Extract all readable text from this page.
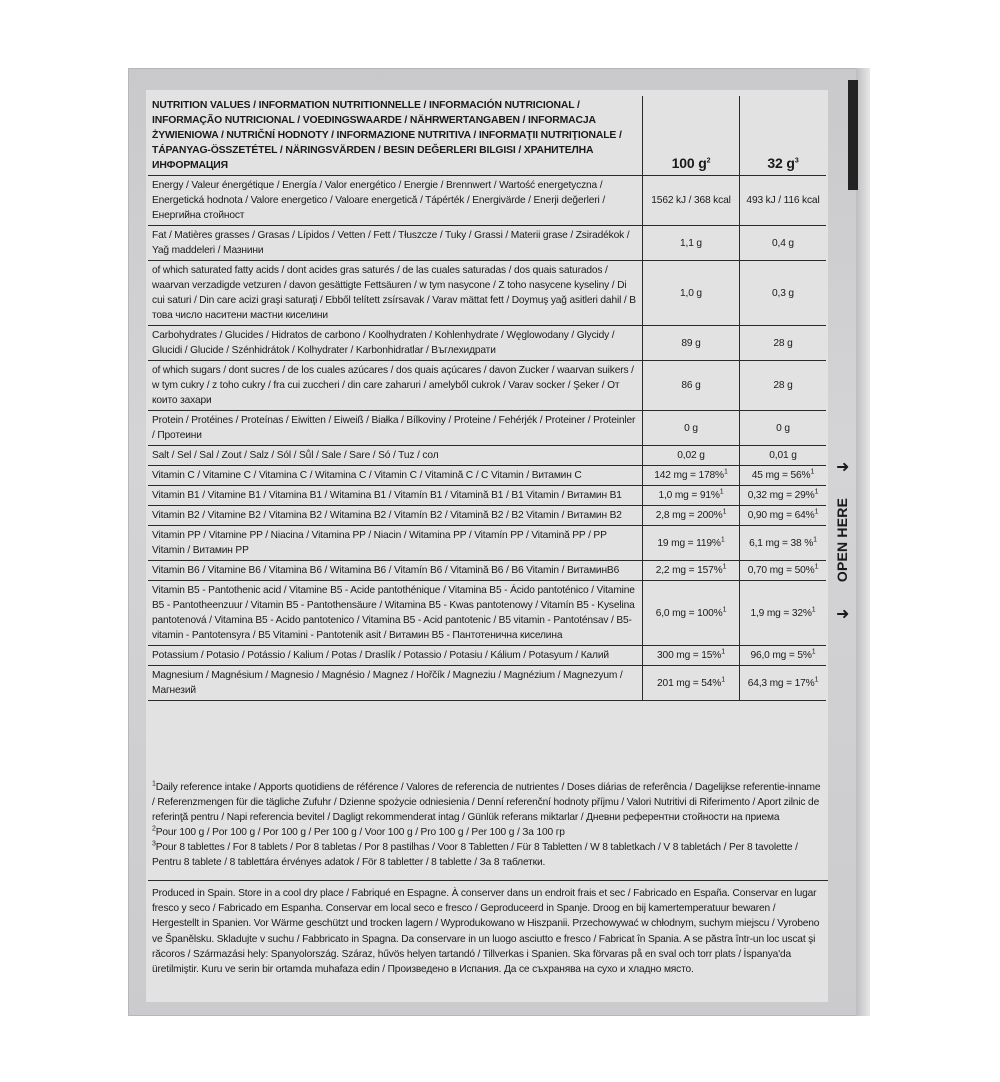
NUTRITION VALUES / INFORMATION NUTRITIONNELLE / INFORMACIÓN NUTRICIONAL / INFORMAÇÃO NUTRICIONAL / VOEDINGSWAARDE / NÄHRWERTANGABEN / INFORMACJA ŻYWIENIOWA / NUTRIČNÍ HODNOTY / INFORMAZIONE NUTRITIVA / INFORMAŢII NUTRIŢIONALE / TÁPANYAG-ÖSSZETÉTEL / NÄRINGSVÄRDEN / BESIN DEĞERLERI BILGISI / ХРАНИТЕЛНА ИНФОРМАЦИЯ	100 $g^2$	32 $g^3$
Energy / Valeur énergétique / Energía / Valor energético / Energie / Brennwert / Wartość energetyczna / Energetická hodnota / Valore energetico / Valoare energetică / Tápérték / Energivärde / Enerji değerleri / Енергийна стойност	1562 kJ / 368 kcal	493 kJ / 116 kcal
Fat / Matières grasses / Grasas / Lípidos / Vetten / Fett / Tłuszcze / Tuky / Grassi / Materii grase / Zsiradékok / Yağ maddeleri / Мазнини	1,1 g	0,4 g
of which saturated fatty acids / dont acides gras saturés / de las cuales saturadas / dos quais saturados / waarvan verzadigde vetzuren / davon gesättigte Fettsäuren / w tym nasycone / Z toho nasycene kyseliny / Di cui saturi / Din care acizi graşi saturaţi / Ebből telített zsírsavak / Varav mättat fett / Doymuş yağ asitleri dahil / В това число наситени мастни киселини	1,0 g	0,3 g
Carbohydrates / Glucides / Hidratos de carbono / Koolhydraten / Kohlenhydrate / Węglowodany / Glycidy / Glucidi / Glucide / Szénhidrátok / Kolhydrater / Karbonhidratlar / Въглехидрати	89 g	28 g
of which sugars / dont sucres / de los cuales azúcares / dos quais açúcares / davon Zucker / waarvan suikers / w tym cukry / z toho cukry / fra cui zuccheri / din care zaharuri / amelyből cukrok / Varav socker / Şeker / От които захари	86 g	28 g
Protein / Protéines / Proteínas / Eiwitten / Eiweiß / Białka / Bílkoviny / Proteine / Fehérjék / Proteiner / Proteinler / Протеини	0 g	0 g
Salt / Sel / Sal / Zout / Salz / Sól / Sůl / Sale / Sare / Só / Tuz / сол	0,02 g	0,01 g
Vitamin C / Vitamine C / Vitamina C / Witamina C / Vitamin C / Vitamină C / C Vitamin / Витамин С	142 mg = 178%$^1$	45 mg = 56%$^1$
Vitamin B1 / Vitamine B1 / Vitamina B1 / Witamina B1 / Vitamín B1 / Vitamină B1 / B1 Vitamin / Витамин В1	1,0 mg = 91%$^1$	0,32 mg = 29%$^1$
Vitamin B2 / Vitamine B2 / Vitamina B2 / Witamina B2 / Vitamín B2 / Vitamină B2 / B2 Vitamin / Витамин В2	2,8 mg = 200%$^1$	0,90 mg = 64%$^1$
Vitamin PP / Vitamine PP / Niacina / Vitamina PP / Niacin / Witamina PP / Vitamín PP / Vitamină PP / PP Vitamin / Витамин PP	19 mg = 119%$^1$	6,1 mg = 38 %$^1$
Vitamin B6 / Vitamine B6 / Vitamina B6 / Witamina B6 / Vitamín B6 / Vitamină B6 / B6 Vitamin / ВитаминВ6	2,2 mg = 157%$^1$	0,70 mg = 50%$^1$
Vitamin B5 - Pantothenic acid / Vitamine B5 - Acide pantothénique / Vitamina B5 - Ácido pantoténico / Vitamine B5 - Pantotheenzuur / Vitamin B5 - Pantothensäure / Witamina B5 - Kwas pantotenowy / Vitamín B5 - Kyselina pantotenová / Vitamina B5 - Acido pantotenico / Vitamina B5 - Acid pantotenic / B5 vitamin - Pantoténsav / B5-vitamin - Pantotensyra / B5 Vitamini - Pantotenik asit / Витамин В5 - Пантотенична киселина	6,0 mg = 100%$^1$	1,9 mg = 32%$^1$
Potassium / Potasio / Potássio / Kalium / Potas / Draslík / Potassio / Potasiu / Kálium / Potasyum / Калий	300 mg = 15%$^1$	96,0 mg = 5%$^1$
Magnesium / Magnésium / Magnesio / Magnésio / Magnez / Hořčík / Magneziu / Magnézium / Magnezyum / Магнезий	201 mg = 54%$^1$	64,3 mg = 17%$^1$

$^1$Daily reference intake / Apports quotidiens de référence / Valores de referencia de nutrientes / Doses diárias de referência / Dagelijkse referentie-inname / Referenzmengen für die tägliche Zufuhr / Dzienne spożycie odniesienia / Denní referenční hodnoty příjmu / Valori Nutritivi di Riferimento / Aport zilnic de referinţă pentru / Napi referencia bevitel / Dagligt rekommenderat intag / Günlük referans miktarlar / Дневни референтни стойности на приема

$^2$Pour 100 g / Por 100 g / Por 100 g / Per 100 g / Voor 100 g / Pro 100 g / Per 100 g / За 100 гр

$^3$Pour 8 tablettes / For 8 tablets / Por 8 tabletas / Por 8 pastilhas / Voor 8 Tabletten / Für 8 Tabletten / W 8 tabletkach / V 8 tabletách / Per 8 tavolette / Pentru 8 tablete / 8 tablettára érvényes adatok / För 8 tabletter / 8 tablette / За 8 таблетки.

Produced in Spain. Store in a cool dry place / Fabriqué en Espagne. À conserver dans un endroit frais et sec / Fabricado en España. Conservar en lugar fresco y seco / Fabricado em Espanha. Conservar em local seco e fresco / Geproduceerd in Spanje. Droog en bij kamertemperatuur bewaren / Hergestellt in Spanien. Vor Wärme geschützt und trocken lagern / Wyprodukowano w Hiszpanii. Przechowywać w chłodnym, suchym miejscu / Vyrobeno ve Španělsku. Skladujte v suchu / Fabbricato in Spagna. Da conservare in un luogo asciutto e fresco / Fabricat în Spania. A se păstra într-un loc uscat şi răcoros / Származási hely: Spanyolország. Száraz, hűvös helyen tartandó / Tillverkas i Spanien. Ska förvaras på en sval och torr plats / İspanya'da üretilmiştir. Kuru ve serin bir ortamda muhafaza edin / Произведено в Испания. Да се съхранява на сухо и хладно място.
➜
OPEN HERE
➜
